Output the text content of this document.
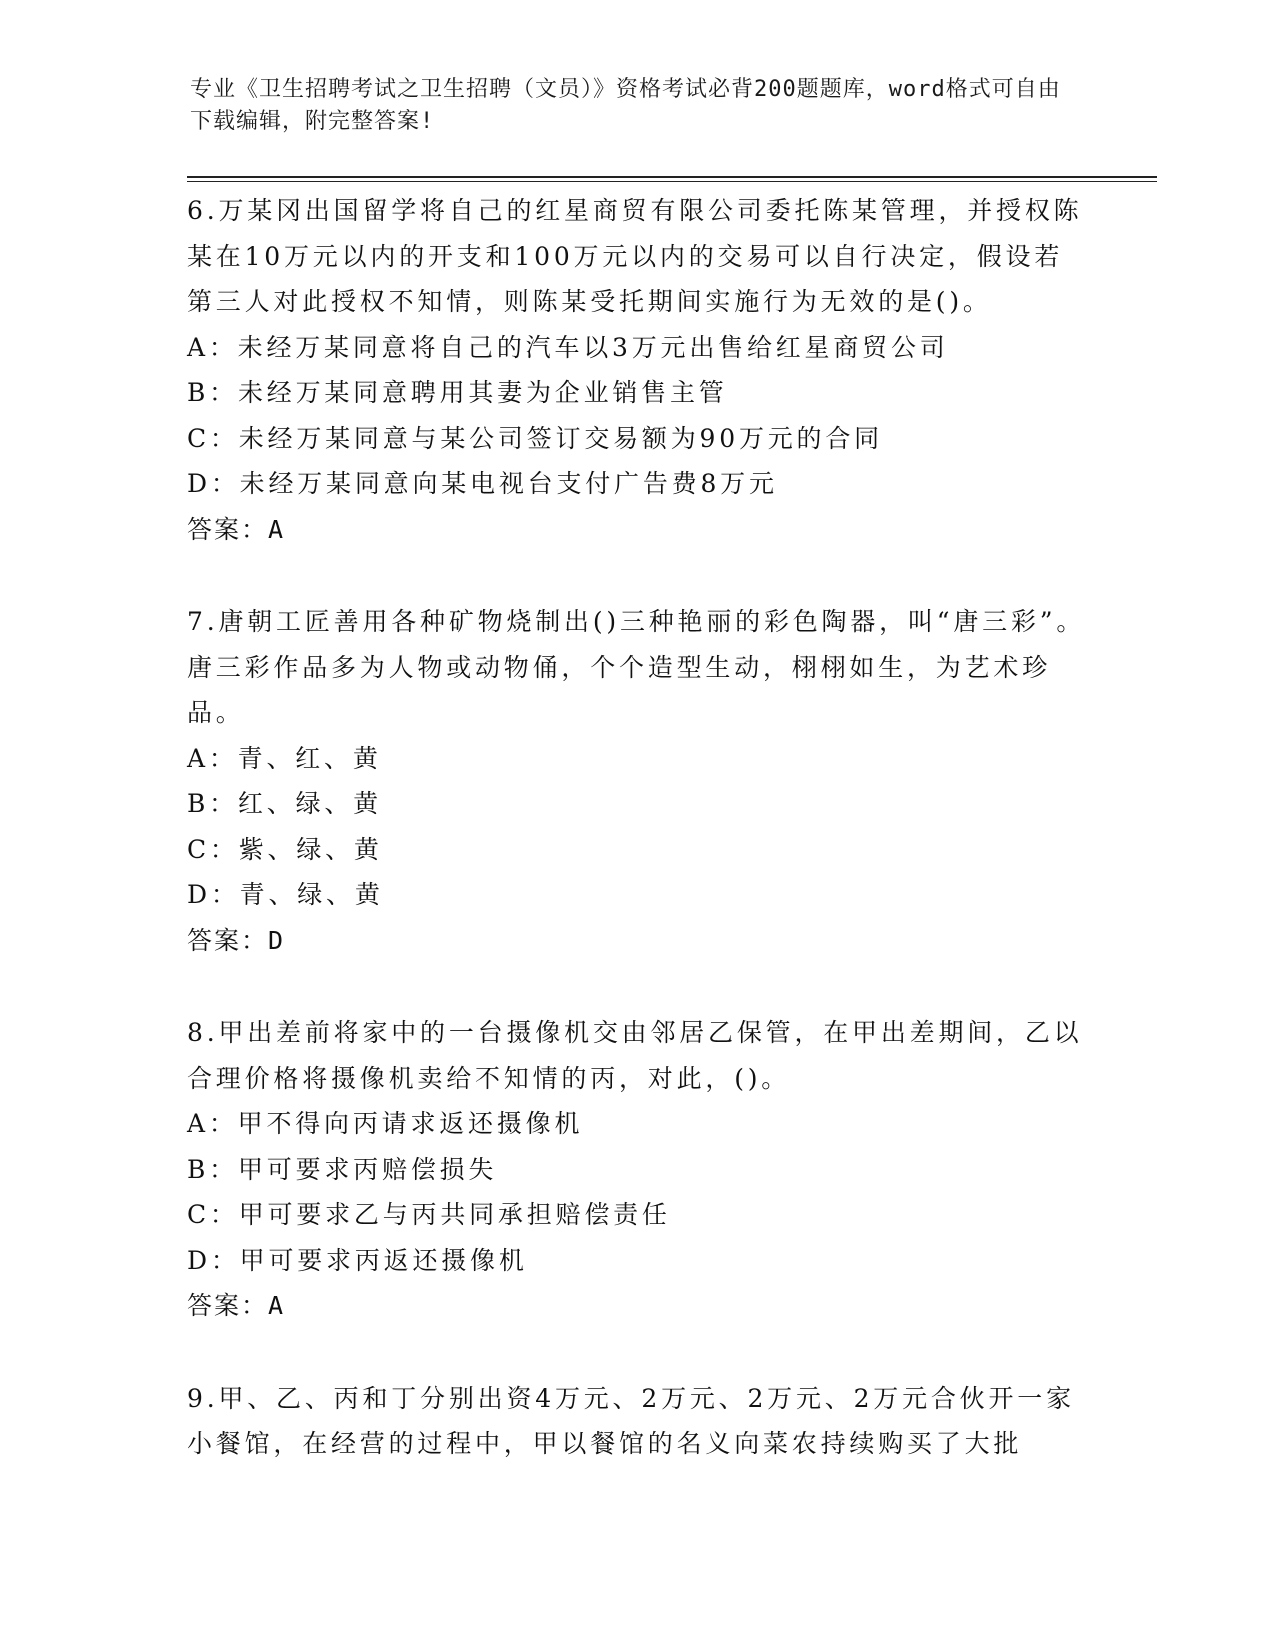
专业《卫生招聘考试之卫生招聘（文员）》资格考试必背200题题库，word格式可自由下载编辑，附完整答案!

6.万某冈出国留学将自己的红星商贸有限公司委托陈某管理，并授权陈某在10万元以内的开支和100万元以内的交易可以自行决定，假设若第三人对此授权不知情，则陈某受托期间实施行为无效的是()。

A：未经万某同意将自己的汽车以3万元出售给红星商贸公司

B：未经万某同意聘用其妻为企业销售主管

C：未经万某同意与某公司签订交易额为90万元的合同

D：未经万某同意向某电视台支付广告费8万元

答案：A

7.唐朝工匠善用各种矿物烧制出()三种艳丽的彩色陶器，叫“唐三彩”。唐三彩作品多为人物或动物俑，个个造型生动，栩栩如生，为艺术珍品。

A：青、红、黄

B：红、绿、黄

C：紫、绿、黄

D：青、绿、黄

答案：D

8.甲出差前将家中的一台摄像机交由邻居乙保管，在甲出差期间，乙以合理价格将摄像机卖给不知情的丙，对此，()。

A：甲不得向丙请求返还摄像机

B：甲可要求丙赔偿损失

C：甲可要求乙与丙共同承担赔偿责任

D：甲可要求丙返还摄像机

答案：A

9.甲、乙、丙和丁分别出资4万元、2万元、2万元、2万元合伙开一家小餐馆，在经营的过程中，甲以餐馆的名义向菜农持续购买了大批
